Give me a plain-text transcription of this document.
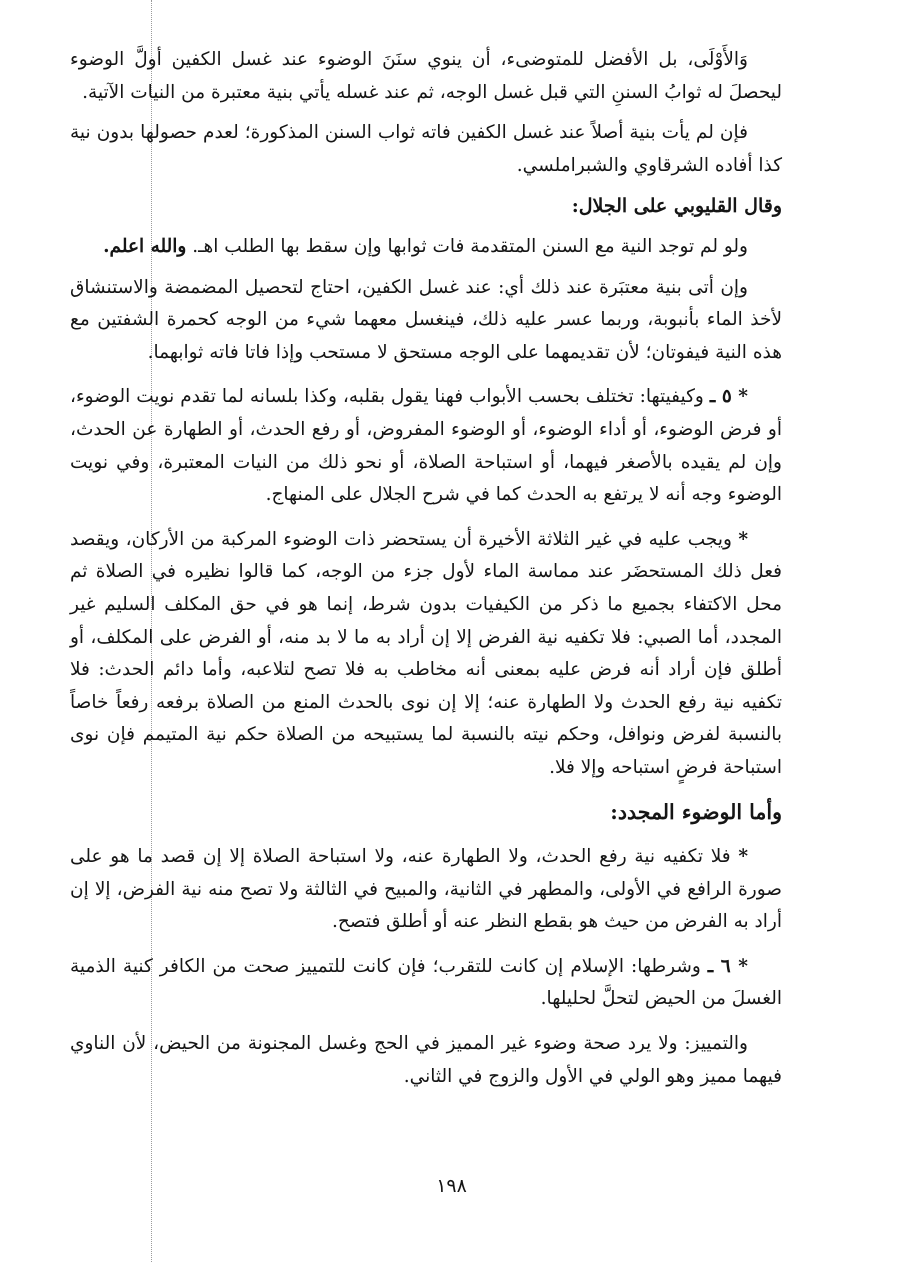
وَالأَوْلَى، بل الأفضل للمتوضىء، أن ينوي سنَنَ الوضوء عند غسل الكفين أولَّ الوضوء ليحصلَ له ثوابُ السننِ التي قبل غسل الوجه، ثم عند غسله يأتي بنية معتبرة من النيات الآتية.

فإن لم يأت بنية أصلاً عند غسل الكفين فاته ثواب السنن المذكورة؛ لعدم حصولها بدون نية كذا أفاده الشرقاوي والشبراملسي.

وقال القليوبي على الجلال:

ولو لم توجد النية مع السنن المتقدمة فات ثوابها وإن سقط بها الطلب اهـ. والله اعلم.

وإن أتى بنية معتبَرة عند ذلك أي: عند غسل الكفين، احتاج لتحصيل المضمضة والاستنشاق لأخذ الماء بأنبوبة، وربما عسر عليه ذلك، فينغسل معهما شيء من الوجه كحمرة الشفتين مع هذه النية فيفوتان؛ لأن تقديمهما على الوجه مستحق لا مستحب وإذا فاتا فاته ثوابهما.

* ٥ ـ وكيفيتها: تختلف بحسب الأبواب فهنا يقول بقلبه، وكذا بلسانه لما تقدم نويت الوضوء، أو فرض الوضوء، أو أداء الوضوء، أو الوضوء المفروض، أو رفع الحدث، أو الطهارة عن الحدث، وإن لم يقيده بالأصغر فيهما، أو استباحة الصلاة، أو نحو ذلك من النيات المعتبرة، وفي نويت الوضوء وجه أنه لا يرتفع به الحدث كما في شرح الجلال على المنهاج.

* ويجب عليه في غير الثلاثة الأخيرة أن يستحضر ذات الوضوء المركبة من الأركان، ويقصد فعل ذلك المستحضَر عند مماسة الماء لأول جزء من الوجه، كما قالوا نظيره في الصلاة ثم محل الاكتفاء بجميع ما ذكر من الكيفيات بدون شرط، إنما هو في حق المكلف السليم غير المجدد، أما الصبي: فلا تكفيه نية الفرض إلا إن أراد به ما لا بد منه، أو الفرض على المكلف، أو أطلق فإن أراد أنه فرض عليه بمعنى أنه مخاطب به فلا تصح لتلاعبه، وأما دائم الحدث: فلا تكفيه نية رفع الحدث ولا الطهارة عنه؛ إلا إن نوى بالحدث المنع من الصلاة برفعه رفعاً خاصاً بالنسبة لفرض ونوافل، وحكم نيته بالنسبة لما يستبيحه من الصلاة حكم نية المتيمم فإن نوى استباحة فرضٍ استباحه وإلا فلا.

وأما الوضوء المجدد:

* فلا تكفيه نية رفع الحدث، ولا الطهارة عنه، ولا استباحة الصلاة إلا إن قصد ما هو على صورة الرافع في الأولى، والمطهر في الثانية، والمبيح في الثالثة ولا تصح منه نية الفرض، إلا إن أراد به الفرض من حيث هو بقطع النظر عنه أو أطلق فتصح.

* ٦ ـ وشرطها: الإسلام إن كانت للتقرب؛ فإن كانت للتمييز صحت من الكافر كنية الذمية الغسلَ من الحيض لتحلَّ لحليلها.

والتمييز: ولا يرد صحة وضوء غير المميز في الحج وغسل المجنونة من الحيض، لأن الناوي فيهما مميز وهو الولي في الأول والزوج في الثاني.

١٩٨
